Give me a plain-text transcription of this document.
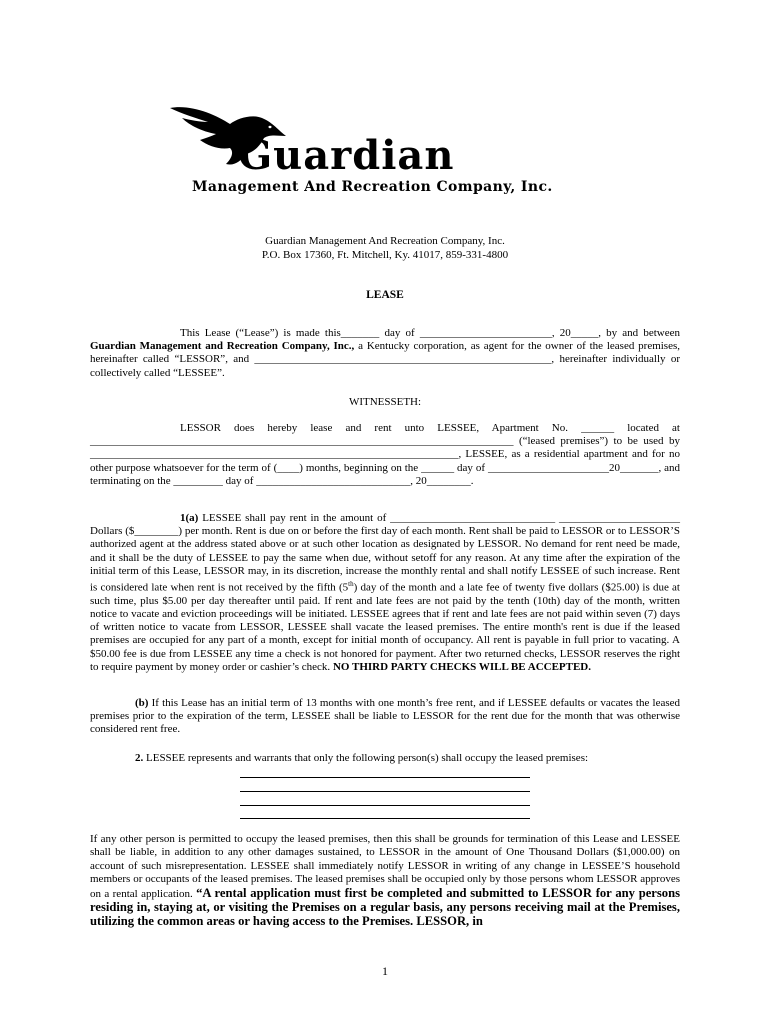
Guardian
Management And Recreation Company, Inc.
Guardian Management And Recreation Company, Inc.
P.O. Box 17360, Ft. Mitchell, Ky. 41017, 859-331-4800
LEASE
This Lease (“Lease”) is made this_______ day of ________________________, 20_____, by and between Guardian Management and Recreation Company, Inc., a Kentucky corporation, as agent for the owner of the leased premises, hereinafter called “LESSOR”, and ______________________________________________________, hereinafter individually or collectively called “LESSEE”.
WITNESSETH:
LESSOR does hereby lease and rent unto LESSEE, Apartment No. ______ located at _____________________________________________________________________________ (“leased premises”) to be used by ___________________________________________________________________, LESSEE, as a residential apartment and for no other purpose whatsoever for the term of (____) months, beginning on the ______ day of ______________________20_______, and terminating on the _________ day of ____________________________, 20________.
1(a) LESSEE shall pay rent in the amount of ______________________________ ______________________ Dollars ($________) per month. Rent is due on or before the first day of each month. Rent shall be paid to LESSOR or to LESSOR’S authorized agent at the address stated above or at such other location as designated by LESSOR. No demand for rent need be made, and it shall be the duty of LESSEE to pay the same when due, without setoff for any reason. At any time after the expiration of the initial term of this Lease, LESSOR may, in its discretion, increase the monthly rental and shall notify LESSEE of such increase. Rent is considered late when rent is not received by the fifth (5th) day of the month and a late fee of twenty five dollars ($25.00) is due at such time, plus $5.00 per day thereafter until paid. If rent and late fees are not paid by the tenth (10th) day of the month, written notice to vacate and eviction proceedings will be initiated. LESSEE agrees that if rent and late fees are not paid within seven (7) days of written notice to vacate from LESSOR, LESSEE shall vacate the leased premises. The entire month's rent is due if the leased premises are occupied for any part of a month, except for initial month of occupancy. All rent is payable in full prior to vacating. A $50.00 fee is due from LESSEE any time a check is not honored for payment. After two returned checks, LESSOR reserves the right to require payment by money order or cashier’s check. NO THIRD PARTY CHECKS WILL BE ACCEPTED.
(b) If this Lease has an initial term of 13 months with one month’s free rent, and if LESSEE defaults or vacates the leased premises prior to the expiration of the term, LESSEE shall be liable to LESSOR for the rent due for the month that was otherwise considered rent free.
2. LESSEE represents and warrants that only the following person(s) shall occupy the leased premises:
If any other person is permitted to occupy the leased premises, then this shall be grounds for termination of this Lease and LESSEE shall be liable, in addition to any other damages sustained, to LESSOR in the amount of One Thousand Dollars ($1,000.00) on account of such misrepresentation. LESSEE shall immediately notify LESSOR in writing of any change in LESSEE’S household members or occupants of the leased premises. The leased premises shall be occupied only by those persons whom LESSOR approves on a rental application. “A rental application must first be completed and submitted to LESSOR for any persons residing in, staying at, or visiting the Premises on a regular basis, any persons receiving mail at the Premises, utilizing the common areas or having access to the Premises. LESSOR, in
1
